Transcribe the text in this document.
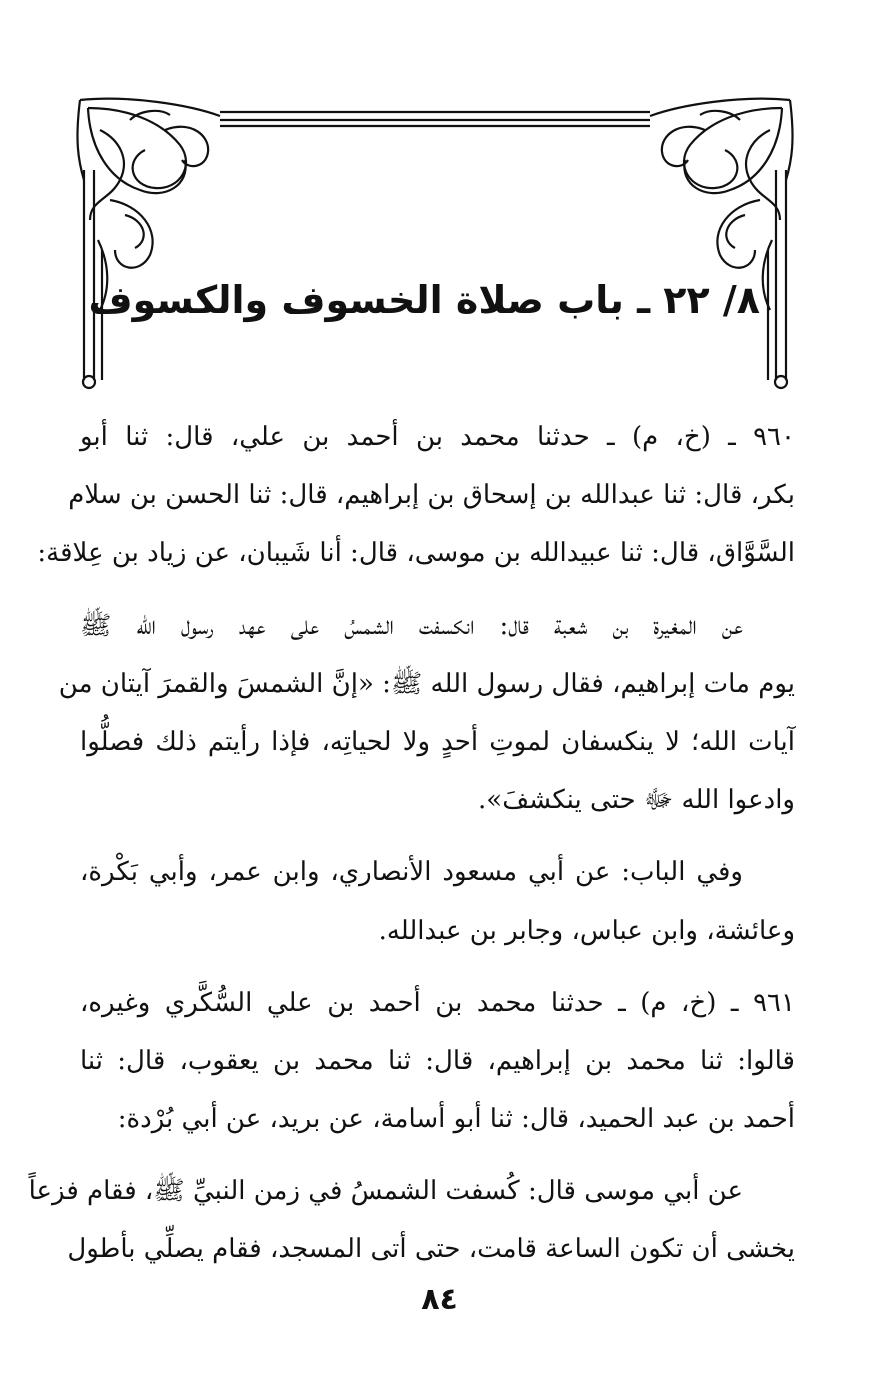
٨/ ٢٢ ـ باب صلاة الخسوف والكسوف
٩٦٠ ـ (خ، م) ـ حدثنا محمد بن أحمد بن علي، قال: ثنا أبو
بكر، قال: ثنا عبدالله بن إسحاق بن إبراهيم، قال: ثنا الحسن بن سلام
السَّوَّاق، قال: ثنا عبيدالله بن موسى، قال: أنا شَيبان، عن زياد بن عِلاقة:
عن المغيرة بن شعبة قال: انكسفت الشمسُ على عهد رسول الله ﷺ
يوم مات إبراهيم، فقال رسول الله ﷺ: «إنَّ الشمسَ والقمرَ آيتان من
آيات الله؛ لا ينكسفان لموتِ أحدٍ ولا لحياتِه، فإذا رأيتم ذلك فصلُّوا
وادعوا الله ﷻ حتى ينكشفَ».
وفي الباب: عن أبي مسعود الأنصاري، وابن عمر، وأبي بَكْرة،
وعائشة، وابن عباس، وجابر بن عبدالله.
٩٦١ ـ (خ، م) ـ حدثنا محمد بن أحمد بن علي السُّكَّري وغيره،
قالوا: ثنا محمد بن إبراهيم، قال: ثنا محمد بن يعقوب، قال: ثنا
أحمد بن عبد الحميد، قال: ثنا أبو أسامة، عن بريد، عن أبي بُرْدة:
عن أبي موسى قال: كُسفت الشمسُ في زمن النبيِّ ﷺ، فقام فزعاً
يخشى أن تكون الساعة قامت، حتى أتى المسجد، فقام يصلِّي بأطول
٨٤
